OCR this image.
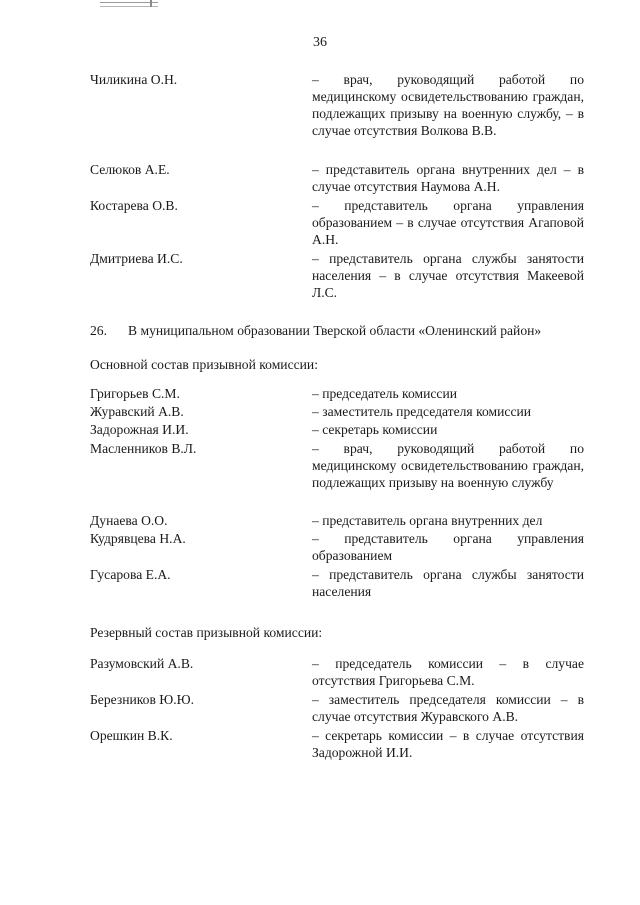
36
Чиликина О.Н.	– врач, руководящий работой по медицинскому освидетельствованию граждан, подлежащих призыву на военную службу, – в случае отсутствия Волкова В.В.
Селюков А.Е.	– представитель органа внутренних дел – в случае отсутствия Наумова А.Н.
Костарева О.В.	– представитель органа управления образованием – в случае отсутствия Агаповой А.Н.
Дмитриева И.С.	– представитель органа службы занятости населения – в случае отсутствия Макеевой Л.С.
26. В муниципальном образовании Тверской области «Оленинский район»
Основной состав призывной комиссии:
Григорьев С.М.	– председатель комиссии
Журавский А.В.	– заместитель председателя комиссии
Задорожная И.И.	– секретарь комиссии
Масленников В.Л.	– врач, руководящий работой по медицинскому освидетельствованию граждан, подлежащих призыву на военную службу
Дунаева О.О.	– представитель органа внутренних дел
Кудрявцева Н.А.	– представитель органа управления образованием
Гусарова Е.А.	– представитель органа службы занятости населения
Резервный состав призывной комиссии:
Разумовский А.В.	– председатель комиссии – в случае отсутствия Григорьева С.М.
Березников Ю.Ю.	– заместитель председателя комиссии – в случае отсутствия Журавского А.В.
Орешкин В.К.	– секретарь комиссии – в случае отсутствия Задорожной И.И.
